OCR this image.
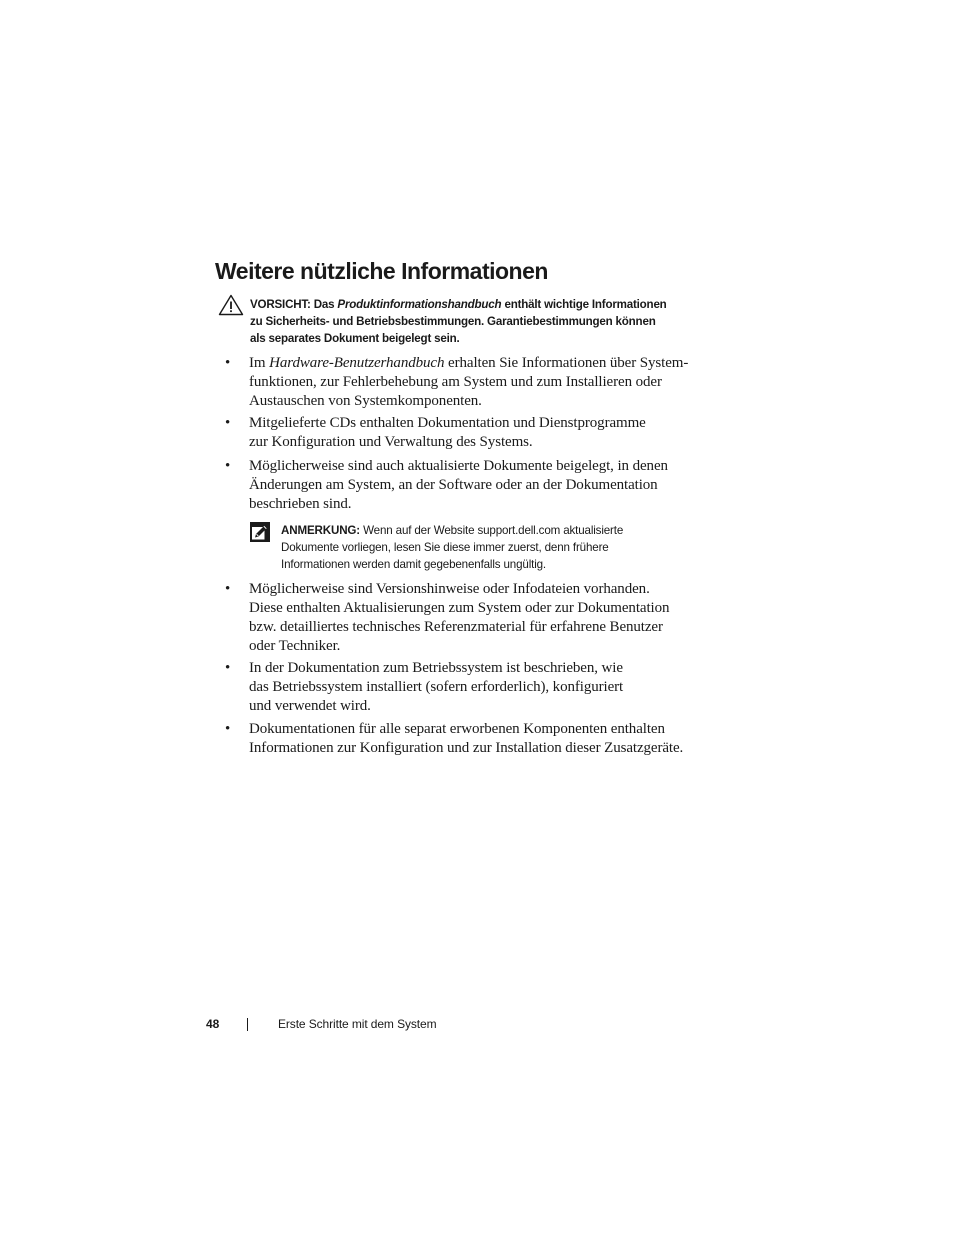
Weitere nützliche Informationen
VORSICHT: Das Produktinformationshandbuch enthält wichtige Informationen
zu Sicherheits- und Betriebsbestimmungen. Garantiebestimmungen können
als separates Dokument beigelegt sein.
• Im Hardware-Benutzerhandbuch erhalten Sie Informationen über System-
funktionen, zur Fehlerbehebung am System und zum Installieren oder
Austauschen von Systemkomponenten.
• Mitgelieferte CDs enthalten Dokumentation und Dienstprogramme
zur Konfiguration und Verwaltung des Systems.
• Möglicherweise sind auch aktualisierte Dokumente beigelegt, in denen
Änderungen am System, an der Software oder an der Dokumentation
beschrieben sind.
• Möglicherweise sind Versionshinweise oder Infodateien vorhanden.
Diese enthalten Aktualisierungen zum System oder zur Dokumentation
bzw. detailliertes technisches Referenzmaterial für erfahrene Benutzer
oder Techniker.
• In der Dokumentation zum Betriebssystem ist beschrieben, wie
das Betriebssystem installiert (sofern erforderlich), konfiguriert
und verwendet wird.
• Dokumentationen für alle separat erworbenen Komponenten enthalten
Informationen zur Konfiguration und zur Installation dieser Zusatzgeräte.
ANMERKUNG: Wenn auf der Website support.dell.com aktualisierte
Dokumente vorliegen, lesen Sie diese immer zuerst, denn frühere
Informationen werden damit gegebenenfalls ungültig.
48	Erste Schritte mit dem System
